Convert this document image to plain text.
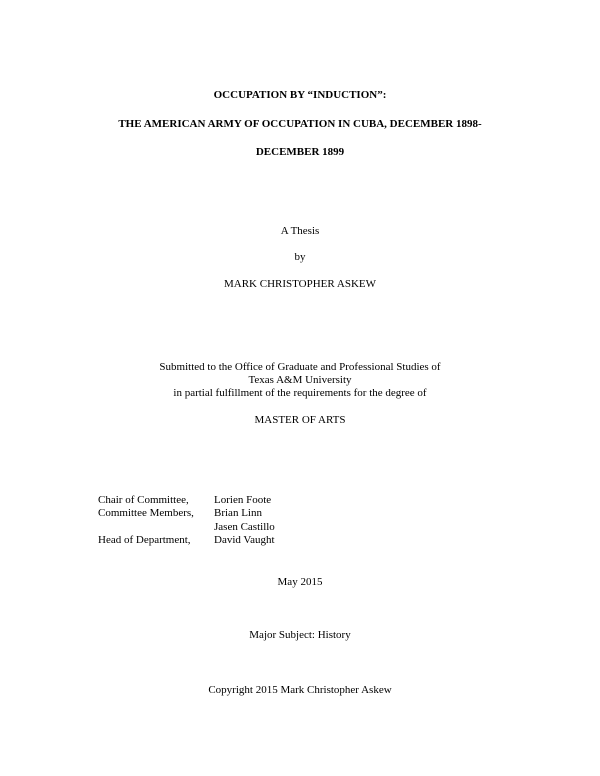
OCCUPATION BY “INDUCTION”:
THE AMERICAN ARMY OF OCCUPATION IN CUBA, DECEMBER 1898-
DECEMBER 1899
A Thesis
by
MARK CHRISTOPHER ASKEW
Submitted to the Office of Graduate and Professional Studies of
Texas A&M University
in partial fulfillment of the requirements for the degree of
MASTER OF ARTS
Chair of Committee,	Lorien Foote
Committee Members,	Brian Linn
Jasen Castillo
Head of Department,	David Vaught
May 2015
Major Subject: History
Copyright 2015 Mark Christopher Askew
